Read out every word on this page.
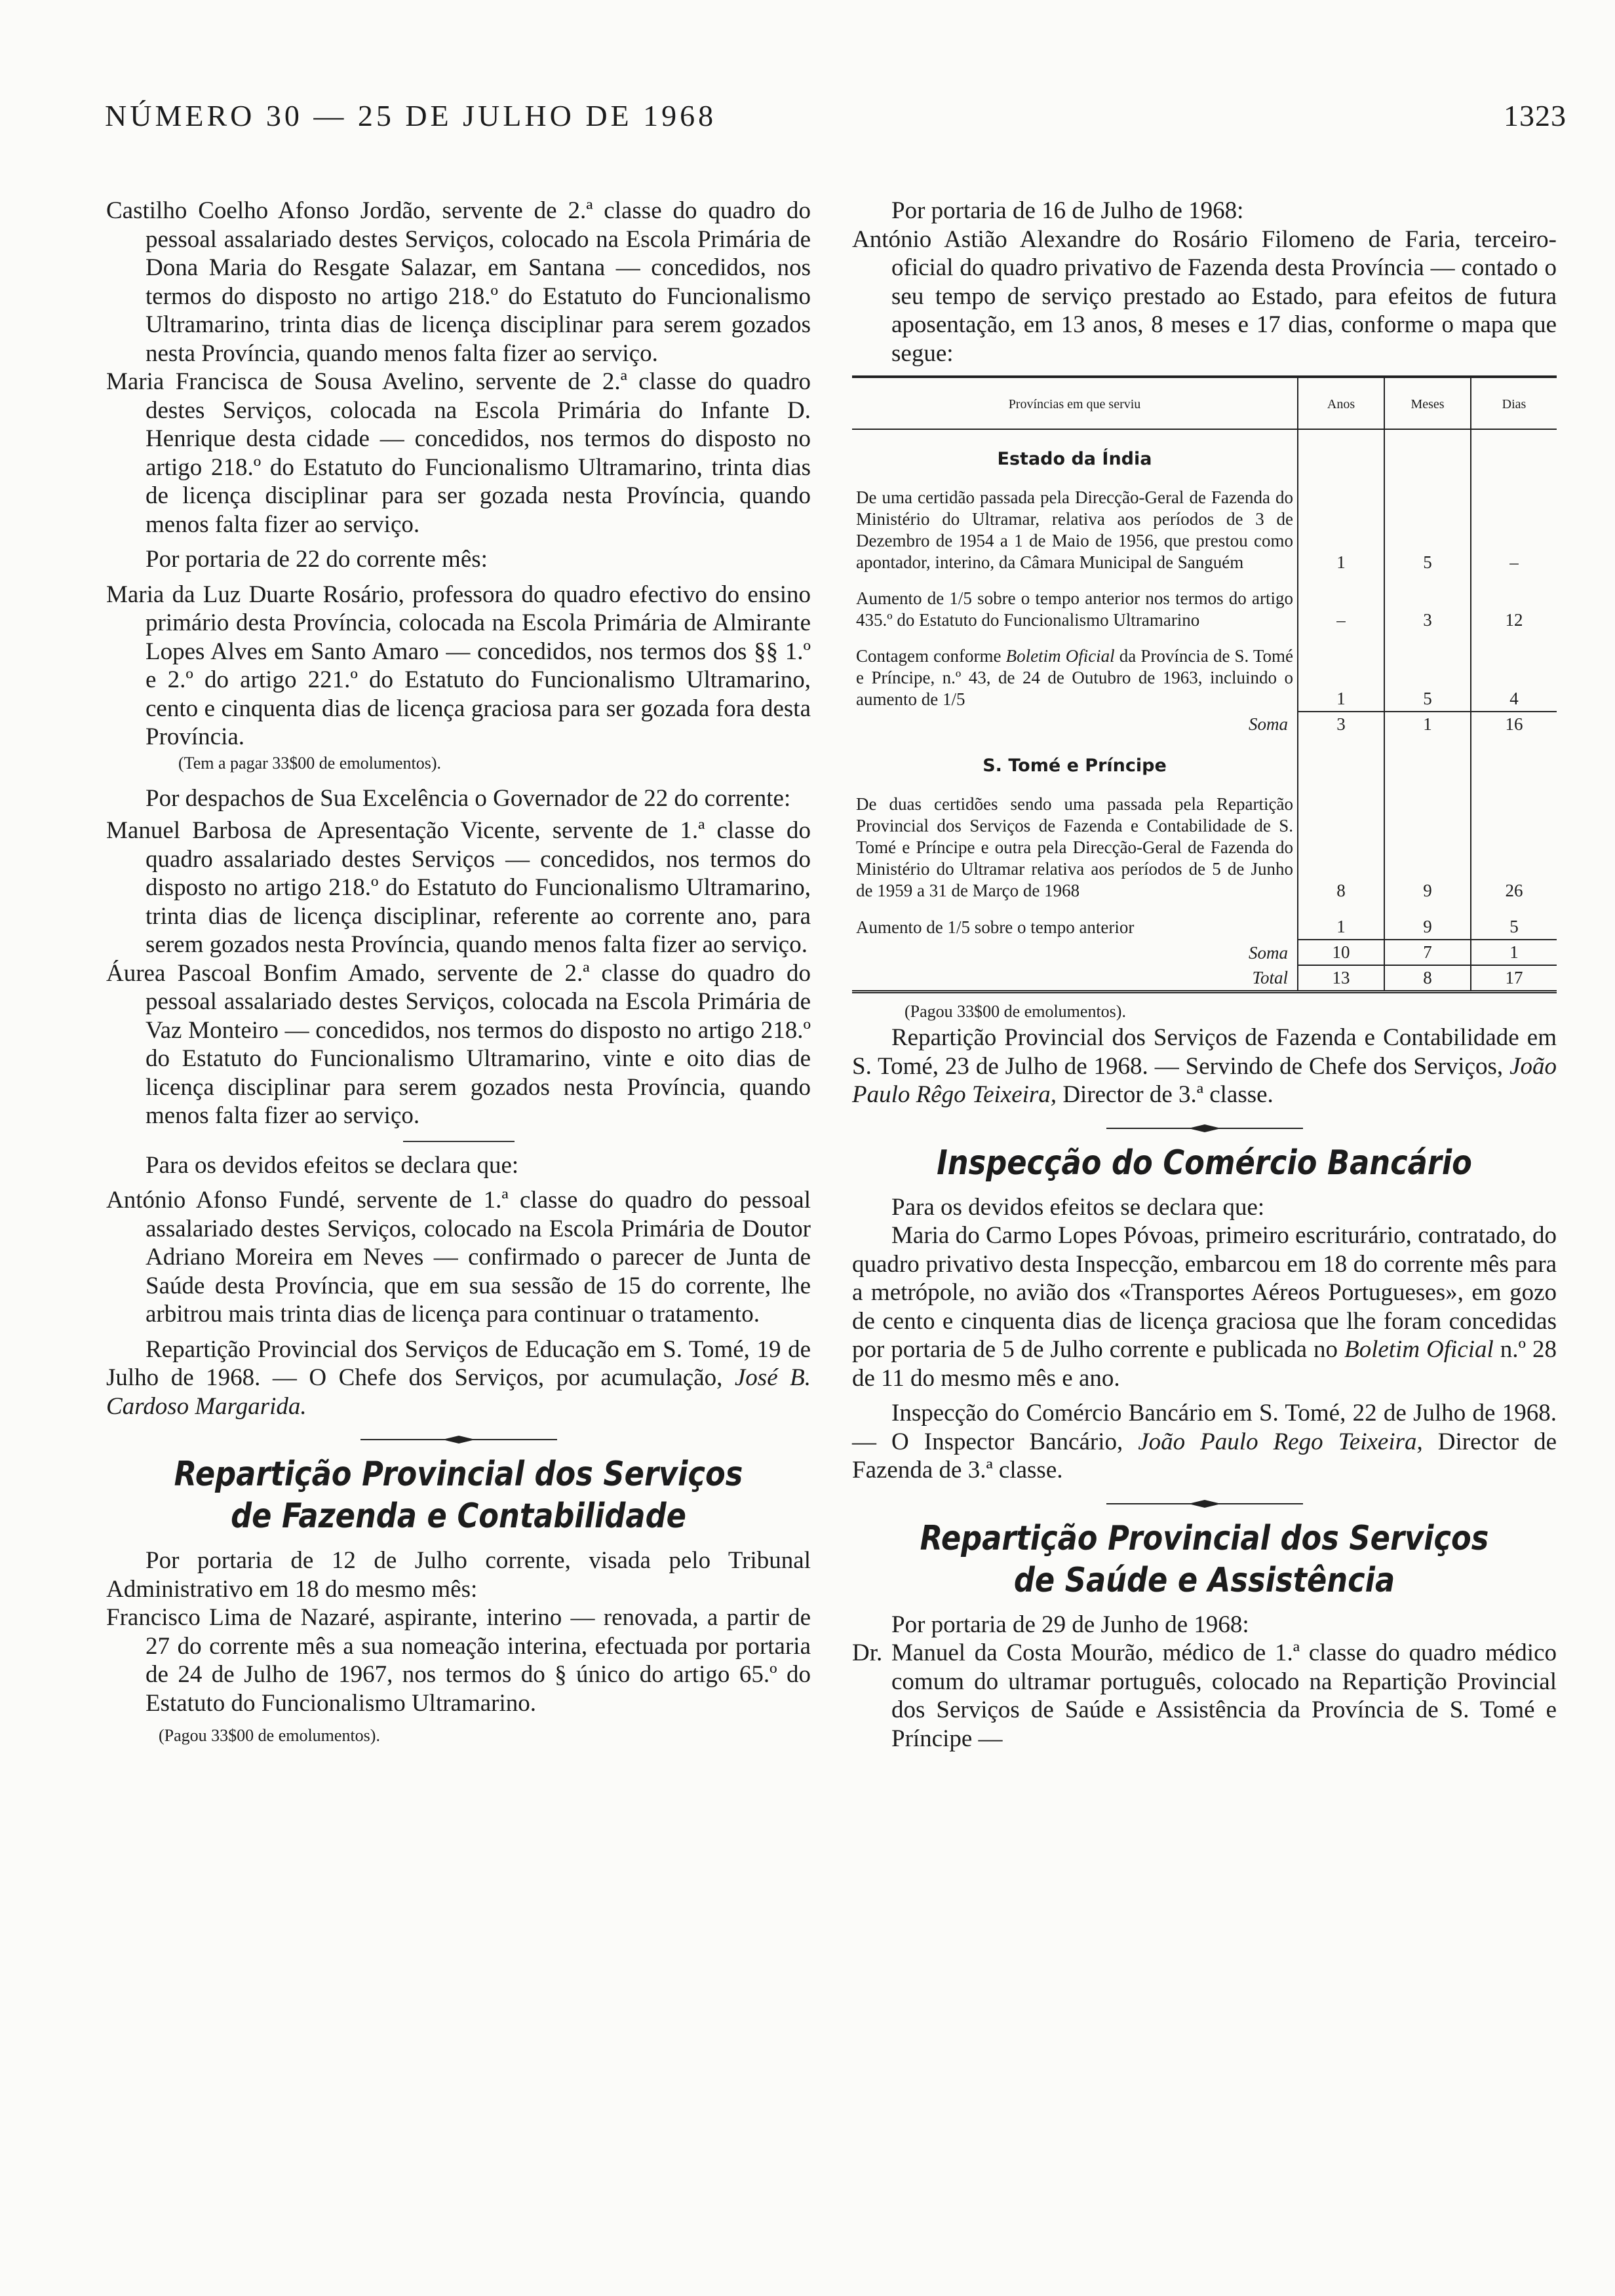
NÚMERO 30 — 25 DE JULHO DE 1968	1323

Castilho Coelho Afonso Jordão, servente de 2.ª classe do quadro do pessoal assalariado destes Serviços, colocado na Escola Primária de Dona Maria do Resgate Salazar, em Santana — concedidos, nos termos do disposto no artigo 218.º do Estatuto do Funcionalismo Ultramarino, trinta dias de licença disciplinar para serem gozados nesta Província, quando menos falta fizer ao serviço.

Maria Francisca de Sousa Avelino, servente de 2.ª classe do quadro destes Serviços, colocada na Escola Primária do Infante D. Henrique desta cidade — concedidos, nos termos do disposto no artigo 218.º do Estatuto do Funcionalismo Ultramarino, trinta dias de licença disciplinar para ser gozada nesta Província, quando menos falta fizer ao serviço.

Por portaria de 22 do corrente mês:

Maria da Luz Duarte Rosário, professora do quadro efectivo do ensino primário desta Província, colocada na Escola Primária de Almirante Lopes Alves em Santo Amaro — concedidos, nos termos dos §§ 1.º e 2.º do artigo 221.º do Estatuto do Funcionalismo Ultramarino, cento e cinquenta dias de licença graciosa para ser gozada fora desta Província.

(Tem a pagar 33$00 de emolumentos).

Por despachos de Sua Excelência o Governador de 22 do corrente:

Manuel Barbosa de Apresentação Vicente, servente de 1.ª classe do quadro assalariado destes Serviços — concedidos, nos termos do disposto no artigo 218.º do Estatuto do Funcionalismo Ultramarino, trinta dias de licença disciplinar, referente ao corrente ano, para serem gozados nesta Província, quando menos falta fizer ao serviço.

Áurea Pascoal Bonfim Amado, servente de 2.ª classe do quadro do pessoal assalariado destes Serviços, colocada na Escola Primária de Vaz Monteiro — concedidos, nos termos do disposto no artigo 218.º do Estatuto do Funcionalismo Ultramarino, vinte e oito dias de licença disciplinar para serem gozados nesta Província, quando menos falta fizer ao serviço.

Para os devidos efeitos se declara que:

António Afonso Fundé, servente de 1.ª classe do quadro do pessoal assalariado destes Serviços, colocado na Escola Primária de Doutor Adriano Moreira em Neves — confirmado o parecer de Junta de Saúde desta Província, que em sua sessão de 15 do corrente, lhe arbitrou mais trinta dias de licença para continuar o tratamento.

Repartição Provincial dos Serviços de Educação em S. Tomé, 19 de Julho de 1968. — O Chefe dos Serviços, por acumulação, José B. Cardoso Margarida.

Repartição Provincial dos Serviços de Fazenda e Contabilidade

Por portaria de 12 de Julho corrente, visada pelo Tribunal Administrativo em 18 do mesmo mês:

Francisco Lima de Nazaré, aspirante, interino — renovada, a partir de 27 do corrente mês a sua nomeação interina, efectuada por portaria de 24 de Julho de 1967, nos termos do § único do artigo 65.º do Estatuto do Funcionalismo Ultramarino.

(Pagou 33$00 de emolumentos).

Por portaria de 16 de Julho de 1968:

António Astião Alexandre do Rosário Filomeno de Faria, terceiro-oficial do quadro privativo de Fazenda desta Província — contado o seu tempo de serviço prestado ao Estado, para efeitos de futura aposentação, em 13 anos, 8 meses e 17 dias, conforme o mapa que segue:

Províncias em que serviu	Anos	Meses	Dias
Estado da Índia			
De uma certidão passada pela Direcção-Geral de Fazenda do Ministério do Ultramar, relativa aos períodos de 3 de Dezembro de 1954 a 1 de Maio de 1956, que prestou como apontador, interino, da Câmara Municipal de Sanguém	1	5	–

Aumento de 1/5 sobre o tempo anterior nos termos do artigo 435.º do Estatuto do Funcionalismo Ultramarino	–	3	12

Contagem conforme Boletim Oficial da Província de S. Tomé e Príncipe, n.º 43, de 24 de Outubro de 1963, incluindo o aumento de 1/5	1	5	4
Soma	3	1	16
S. Tomé e Príncipe			
De duas certidões sendo uma passada pela Repartição Provincial dos Serviços de Fazenda e Contabilidade de S. Tomé e Príncipe e outra pela Direcção-Geral de Fazenda do Ministério do Ultramar relativa aos períodos de 5 de Junho de 1959 a 31 de Março de 1968	8	9	26

Aumento de 1/5 sobre o tempo anterior	1	9	5
Soma	10	7	1
Total	13	8	17

(Pagou 33$00 de emolumentos).

Repartição Provincial dos Serviços de Fazenda e Contabilidade em S. Tomé, 23 de Julho de 1968. — Servindo de Chefe dos Serviços, João Paulo Rêgo Teixeira, Director de 3.ª classe.

Inspecção do Comércio Bancário

Para os devidos efeitos se declara que:

Maria do Carmo Lopes Póvoas, primeiro escriturário, contratado, do quadro privativo desta Inspecção, embarcou em 18 do corrente mês para a metrópole, no avião dos «Transportes Aéreos Portugueses», em gozo de cento e cinquenta dias de licença graciosa que lhe foram concedidas por portaria de 5 de Julho corrente e publicada no Boletim Oficial n.º 28 de 11 do mesmo mês e ano.

Inspecção do Comércio Bancário em S. Tomé, 22 de Julho de 1968. — O Inspector Bancário, João Paulo Rego Teixeira, Director de Fazenda de 3.ª classe.

Repartição Provincial dos Serviços de Saúde e Assistência

Por portaria de 29 de Junho de 1968:

Dr. Manuel da Costa Mourão, médico de 1.ª classe do quadro médico comum do ultramar português, colocado na Repartição Provincial dos Serviços de Saúde e Assistência da Província de S. Tomé e Príncipe —
